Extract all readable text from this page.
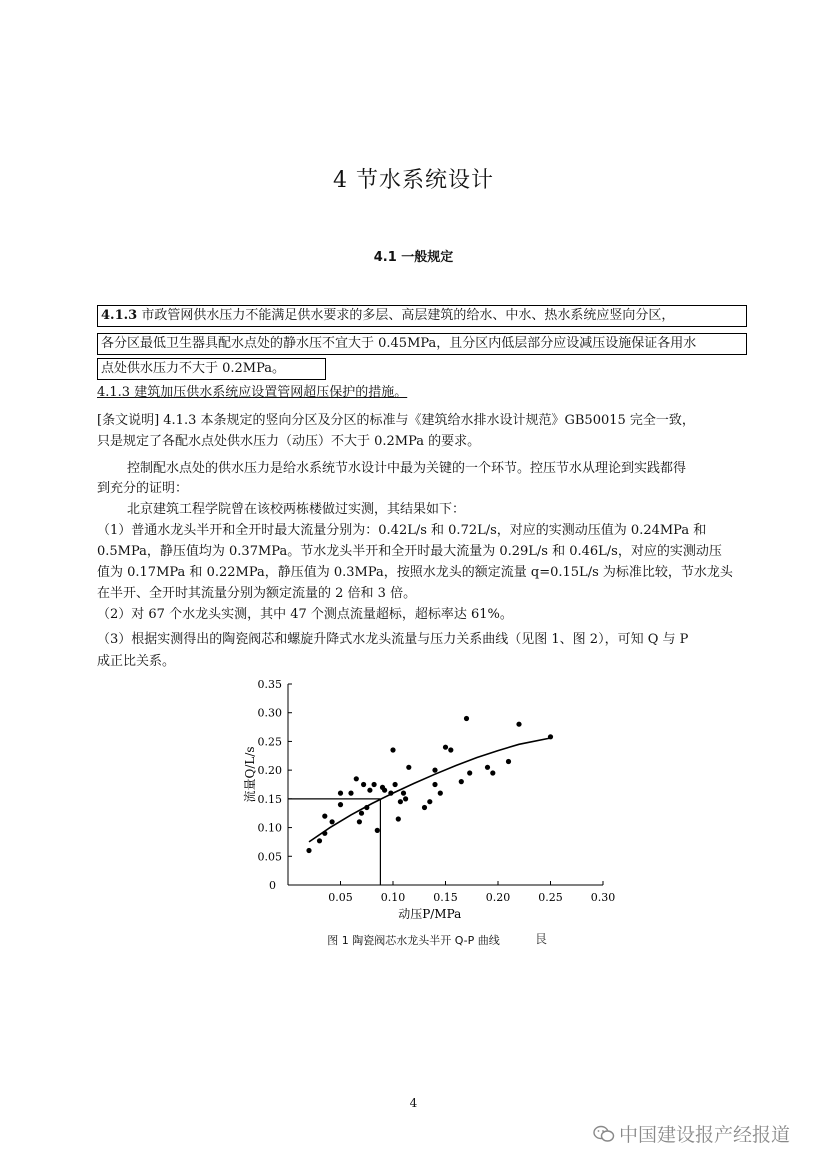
4 节水系统设计
4.1 一般规定
4.1.3 市政管网供水压力不能满足供水要求的多层、高层建筑的给水、中水、热水系统应竖向分区，
各分区最低卫生器具配水点处的静水压不宜大于 0.45MPa，且分区内低层部分应设减压设施保证各用水
点处供水压力不大于 0.2MPa。
4.1.3 建筑加压供水系统应设置管网超压保护的措施。
[条文说明] 4.1.3 本条规定的竖向分区及分区的标准与《建筑给水排水设计规范》GB50015 完全一致，
只是规定了各配水点处供水压力（动压）不大于 0.2MPa 的要求。
控制配水点处的供水压力是给水系统节水设计中最为关键的一个环节。控压节水从理论到实践都得
到充分的证明：
北京建筑工程学院曾在该校两栋楼做过实测，其结果如下：
（1）普通水龙头半开和全开时最大流量分别为：0.42L/s 和 0.72L/s，对应的实测动压值为 0.24MPa 和
0.5MPa，静压值均为 0.37MPa。节水龙头半开和全开时最大流量为 0.29L/s 和 0.46L/s，对应的实测动压
值为 0.17MPa 和 0.22MPa，静压值为 0.3MPa，按照水龙头的额定流量 q=0.15L/s 为标准比较，节水龙头
在半开、全开时其流量分别为额定流量的 2 倍和 3 倍。
（2）对 67 个水龙头实测，其中 47 个测点流量超标，超标率达 61%。
（3）根据实测得出的陶瓷阀芯和螺旋升降式水龙头流量与压力关系曲线（见图 1、图 2），可知 Q 与 P
成正比关系。
0.05	0.10	0.15	0.20	0.25	0.30
0.05
0.10
0.15
0.20
0.25
0.30
0.35
0
动压P/MPa
流量Q/L/s
图 1 陶瓷阀芯水龙头半开 Q-P 曲线	艮
4
中国建设报产经报道
